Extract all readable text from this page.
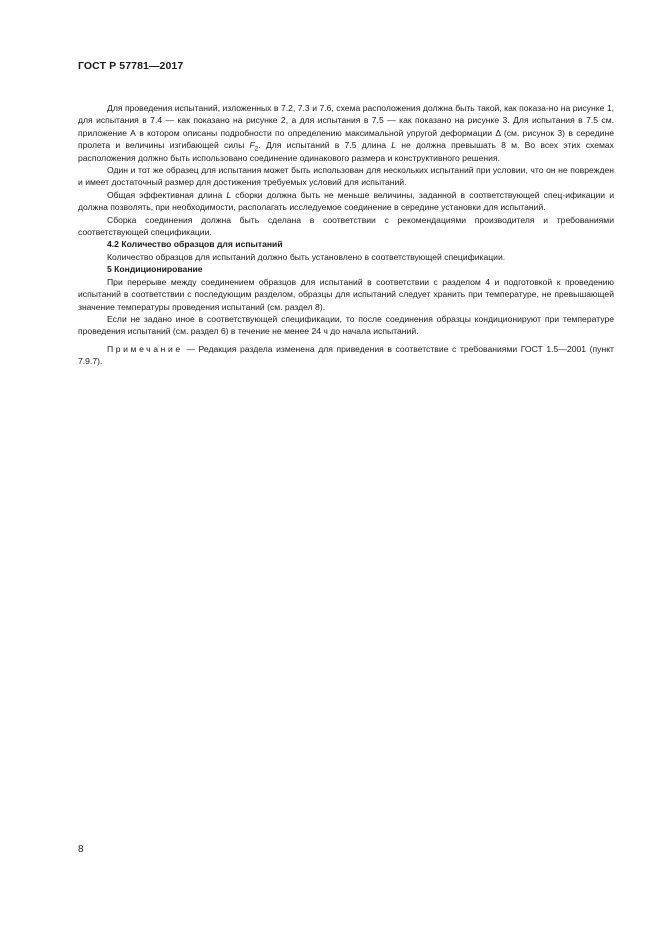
ГОСТ Р 57781—2017

Для проведения испытаний, изложенных в 7.2, 7.3 и 7.6, схема расположения должна быть такой, как показа-но на рисунке 1, для испытания в 7.4 — как показано на рисунке 2, а для испытания в 7.5 — как показано на рисунке 3. Для испытания в 7.5 см. приложение А в котором описаны подробности по определению максимальной упругой деформации Δ (см. рисунок 3) в середине пролета и величины изгибающей силы $F_2$. Для испытаний в 7.5 длина L не должна превышать 8 м. Во всех этих схемах расположения должно быть использовано соединение одинакового размера и конструктивного решения.

Один и тот же образец для испытания может быть использован для нескольких испытаний при условии, что он не поврежден и имеет достаточный размер для достижения требуемых условий для испытаний.

Общая эффективная длина L сборки должна быть не меньше величины, заданной в соответствующей спец-ификации и должна позволять, при необходимости, располагать исследуемое соединение в середине установки для испытаний.

Сборка соединения должна быть сделана в соответствии с рекомендациями производителя и требованиями соответствующей спецификации.

4.2 Количество образцов для испытаний

Количество образцов для испытаний должно быть установлено в соответствующей спецификации.

5 Кондиционирование

При перерыве между соединением образцов для испытаний в соответствии с разделом 4 и подготовкой к проведению испытаний в соответствии с последующим разделом, образцы для испытаний следует хранить при температуре, не превышающей значение температуры проведения испытаний (см. раздел 8).

Если не задано иное в соответствующей спецификации, то после соединения образцы кондиционируют при температуре проведения испытаний (см. раздел 6) в течение не менее 24 ч до начала испытаний.

Примечание — Редакция раздела изменена для приведения в соответствие с требованиями ГОСТ 1.5—2001 (пункт 7.9.7).

8
